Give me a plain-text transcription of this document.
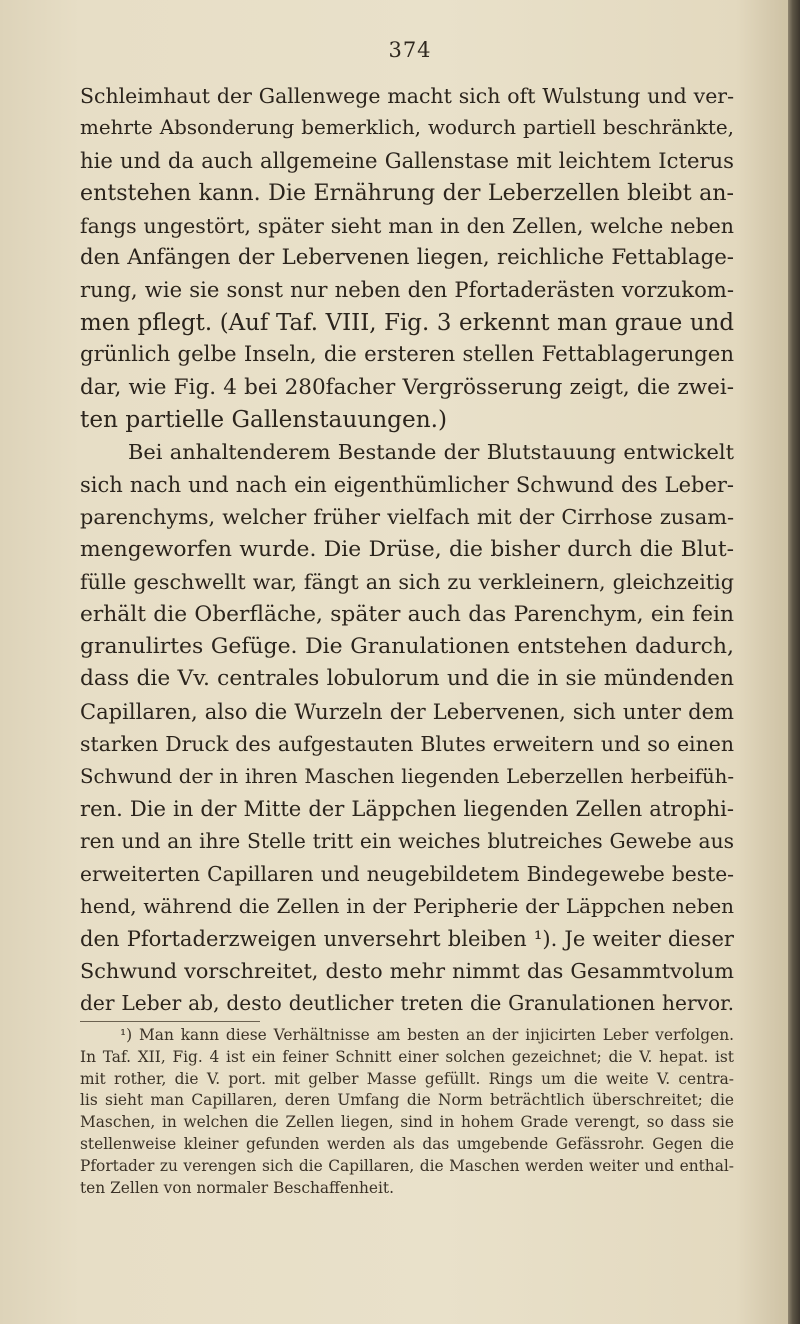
374
Schleimhaut der Gallenwege macht sich oft Wulstung und ver-
mehrte Absonderung bemerklich, wodurch partiell beschränkte,
hie und da auch allgemeine Gallenstase mit leichtem Icterus
entstehen kann. Die Ernährung der Leberzellen bleibt an-
fangs ungestört, später sieht man in den Zellen, welche neben
den Anfängen der Lebervenen liegen, reichliche Fettablage-
rung, wie sie sonst nur neben den Pfortaderästen vorzukom-
men pflegt. (Auf Taf. VIII, Fig. 3 erkennt man graue und
grünlich gelbe Inseln, die ersteren stellen Fettablagerungen
dar, wie Fig. 4 bei 280facher Vergrösserung zeigt, die zwei-
ten partielle Gallenstauungen.)
Bei anhaltenderem Bestande der Blutstauung entwickelt
sich nach und nach ein eigenthümlicher Schwund des Leber-
parenchyms, welcher früher vielfach mit der Cirrhose zusam-
mengeworfen wurde. Die Drüse, die bisher durch die Blut-
fülle geschwellt war, fängt an sich zu verkleinern, gleichzeitig
erhält die Oberfläche, später auch das Parenchym, ein fein
granulirtes Gefüge. Die Granulationen entstehen dadurch,
dass die Vv. centrales lobulorum und die in sie mündenden
Capillaren, also die Wurzeln der Lebervenen, sich unter dem
starken Druck des aufgestauten Blutes erweitern und so einen
Schwund der in ihren Maschen liegenden Leberzellen herbeifüh-
ren. Die in der Mitte der Läppchen liegenden Zellen atrophi-
ren und an ihre Stelle tritt ein weiches blutreiches Gewebe aus
erweiterten Capillaren und neugebildetem Bindegewebe beste-
hend, während die Zellen in der Peripherie der Läppchen neben
den Pfortaderzweigen unversehrt bleiben ¹). Je weiter dieser
Schwund vorschreitet, desto mehr nimmt das Gesammtvolum
der Leber ab, desto deutlicher treten die Granulationen hervor.
¹) Man kann diese Verhältnisse am besten an der injicirten Leber verfolgen.
In Taf. XII, Fig. 4 ist ein feiner Schnitt einer solchen gezeichnet; die V. hepat. ist
mit rother, die V. port. mit gelber Masse gefüllt. Rings um die weite V. centra-
lis sieht man Capillaren, deren Umfang die Norm beträchtlich überschreitet; die
Maschen, in welchen die Zellen liegen, sind in hohem Grade verengt, so dass sie
stellenweise kleiner gefunden werden als das umgebende Gefässrohr. Gegen die
Pfortader zu verengen sich die Capillaren, die Maschen werden weiter und enthal-
ten Zellen von normaler Beschaffenheit.
